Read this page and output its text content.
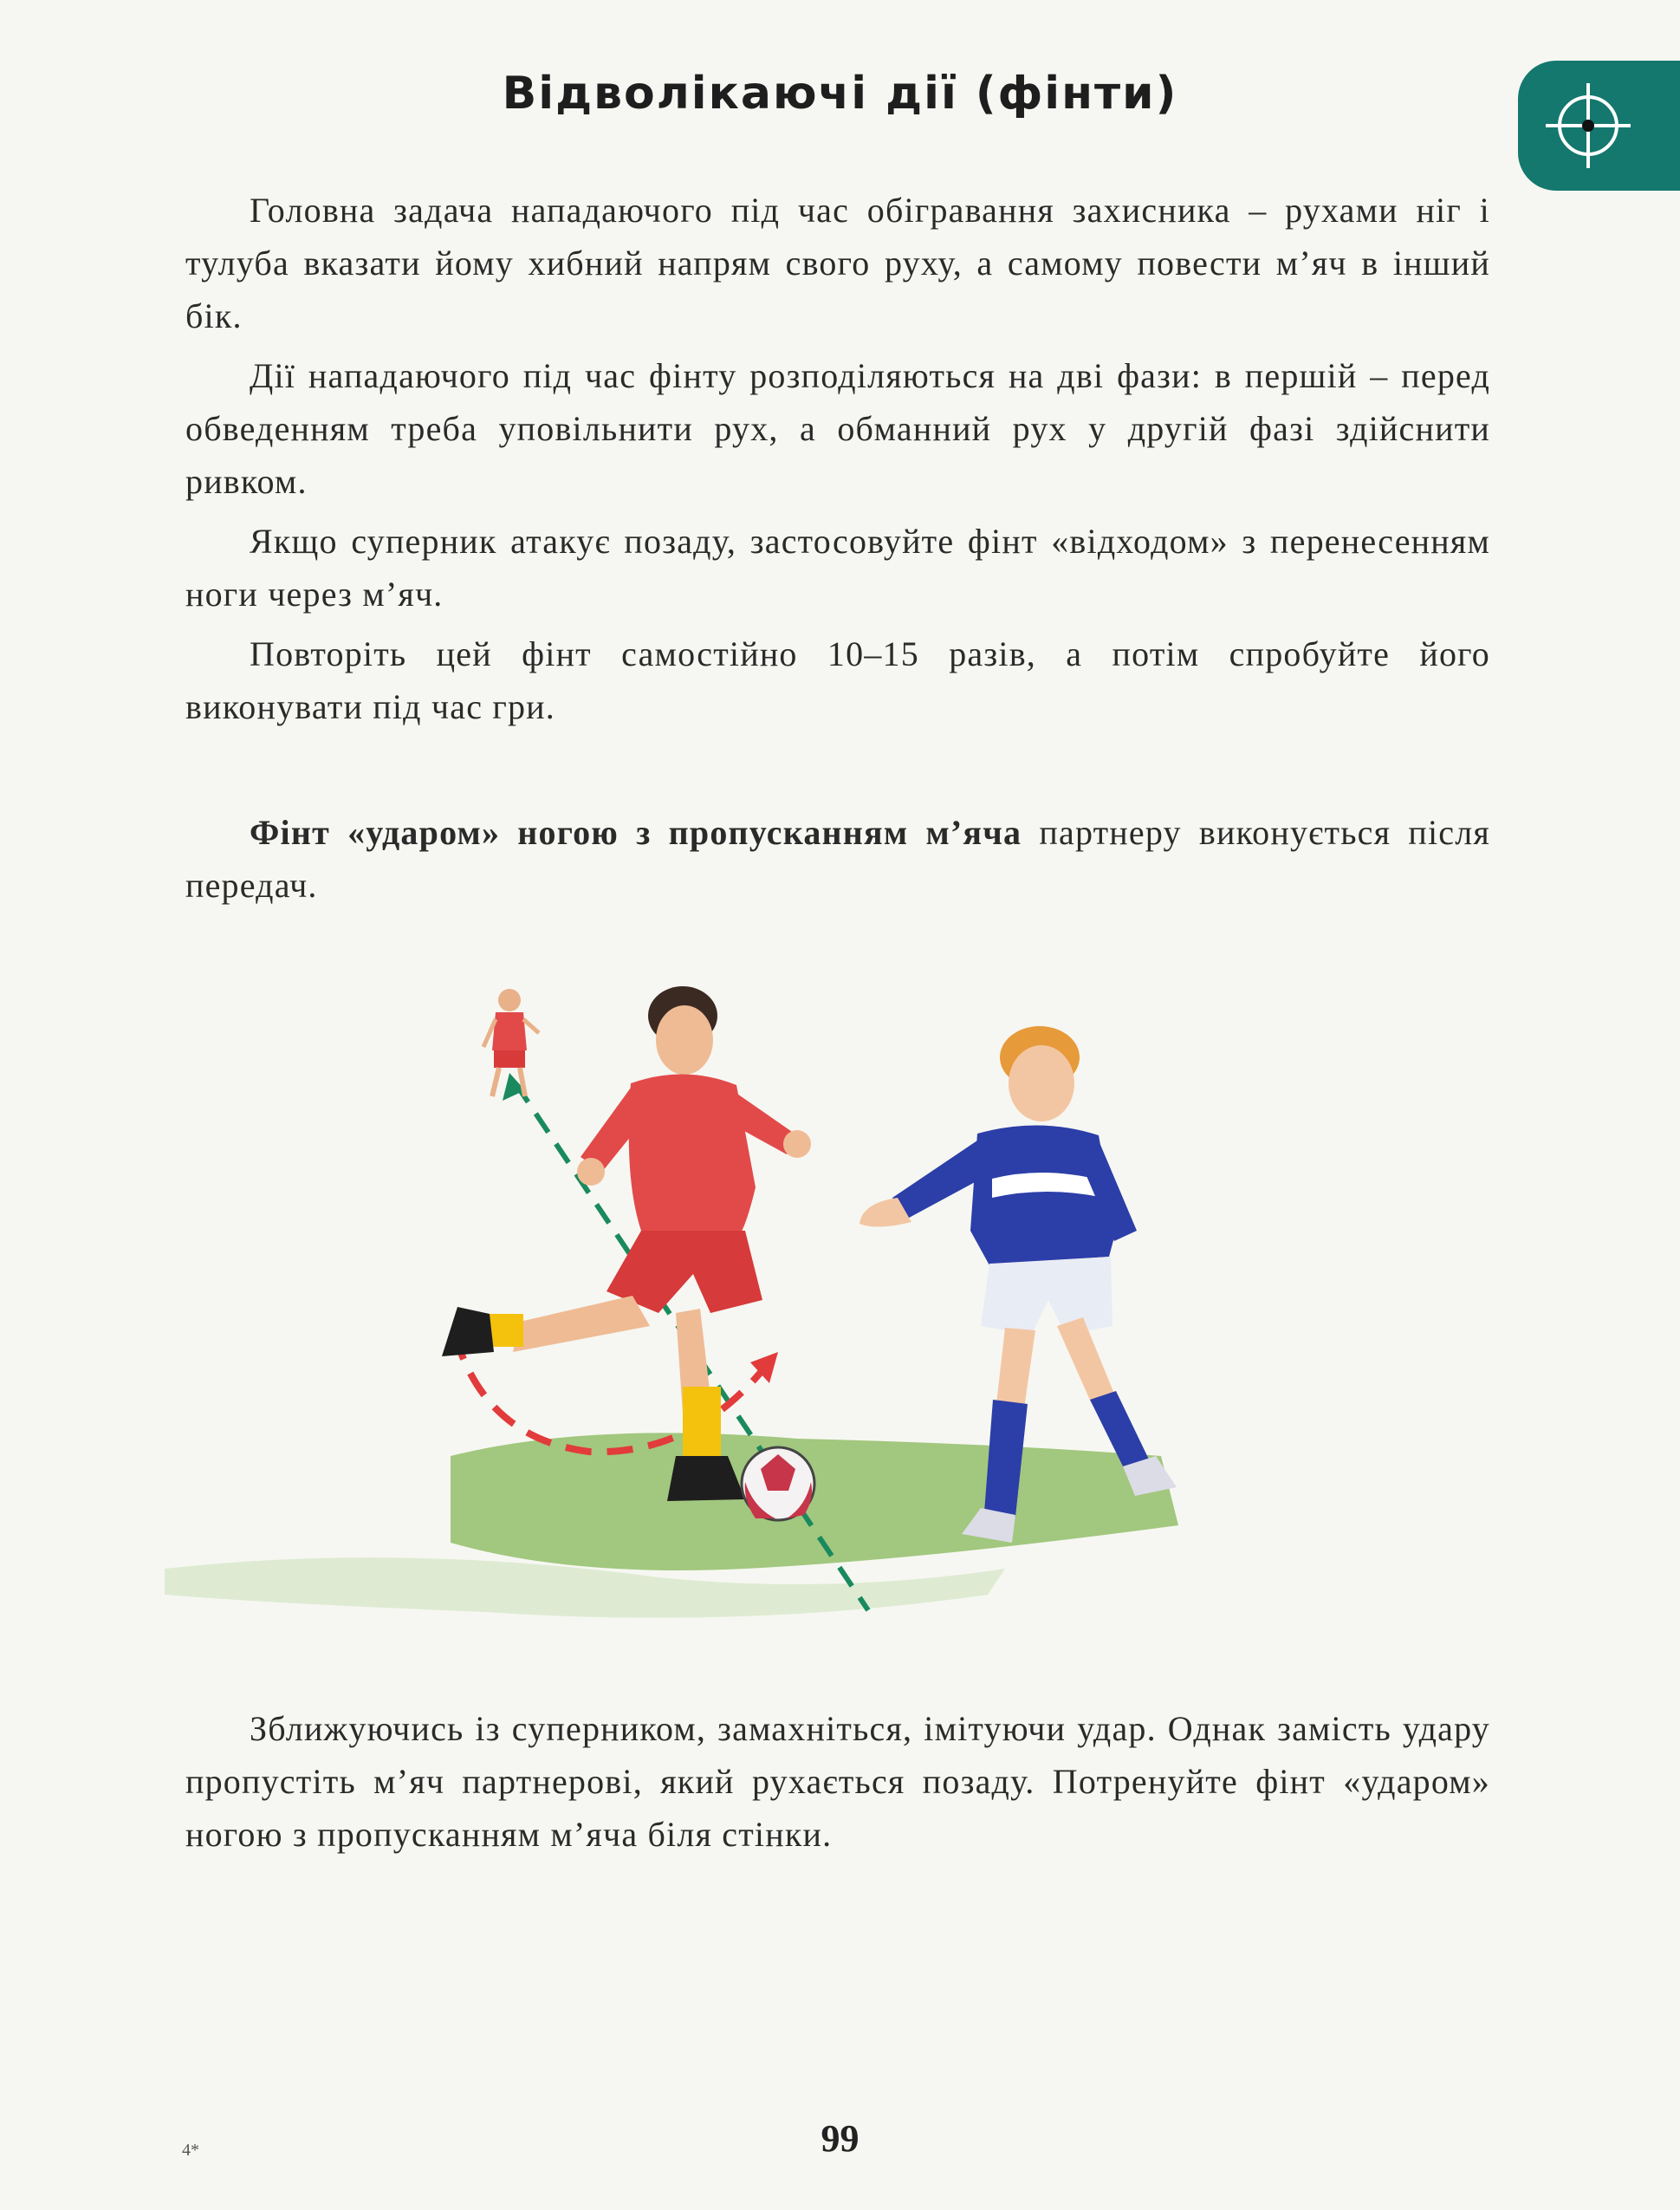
Відволікаючі дії (фінти)

Головна задача нападаючого під час обігравання захисника – рухами ніг і тулуба вказати йому хибний напрям свого руху, а самому повести м’яч в інший бік.

Дії нападаючого під час фінту розподіляються на дві фази: в першій – перед обведенням треба уповільнити рух, а обманний рух у другій фазі здійснити ривком.

Якщо суперник атакує позаду, застосовуйте фінт «відходом» з перенесенням ноги через м’яч.

Повторіть цей фінт самостійно 10–15 разів, а потім спробуйте його виконувати під час гри.

Фінт «ударом» ногою з пропусканням м’яча партнеру виконується після передач.

Зближуючись із суперником, замахніться, імітуючи удар. Однак замість удару пропустіть м’яч партнерові, який рухається позаду. Потренуйте фінт «ударом» ногою з пропусканням м’яча біля стінки.

4*	99
